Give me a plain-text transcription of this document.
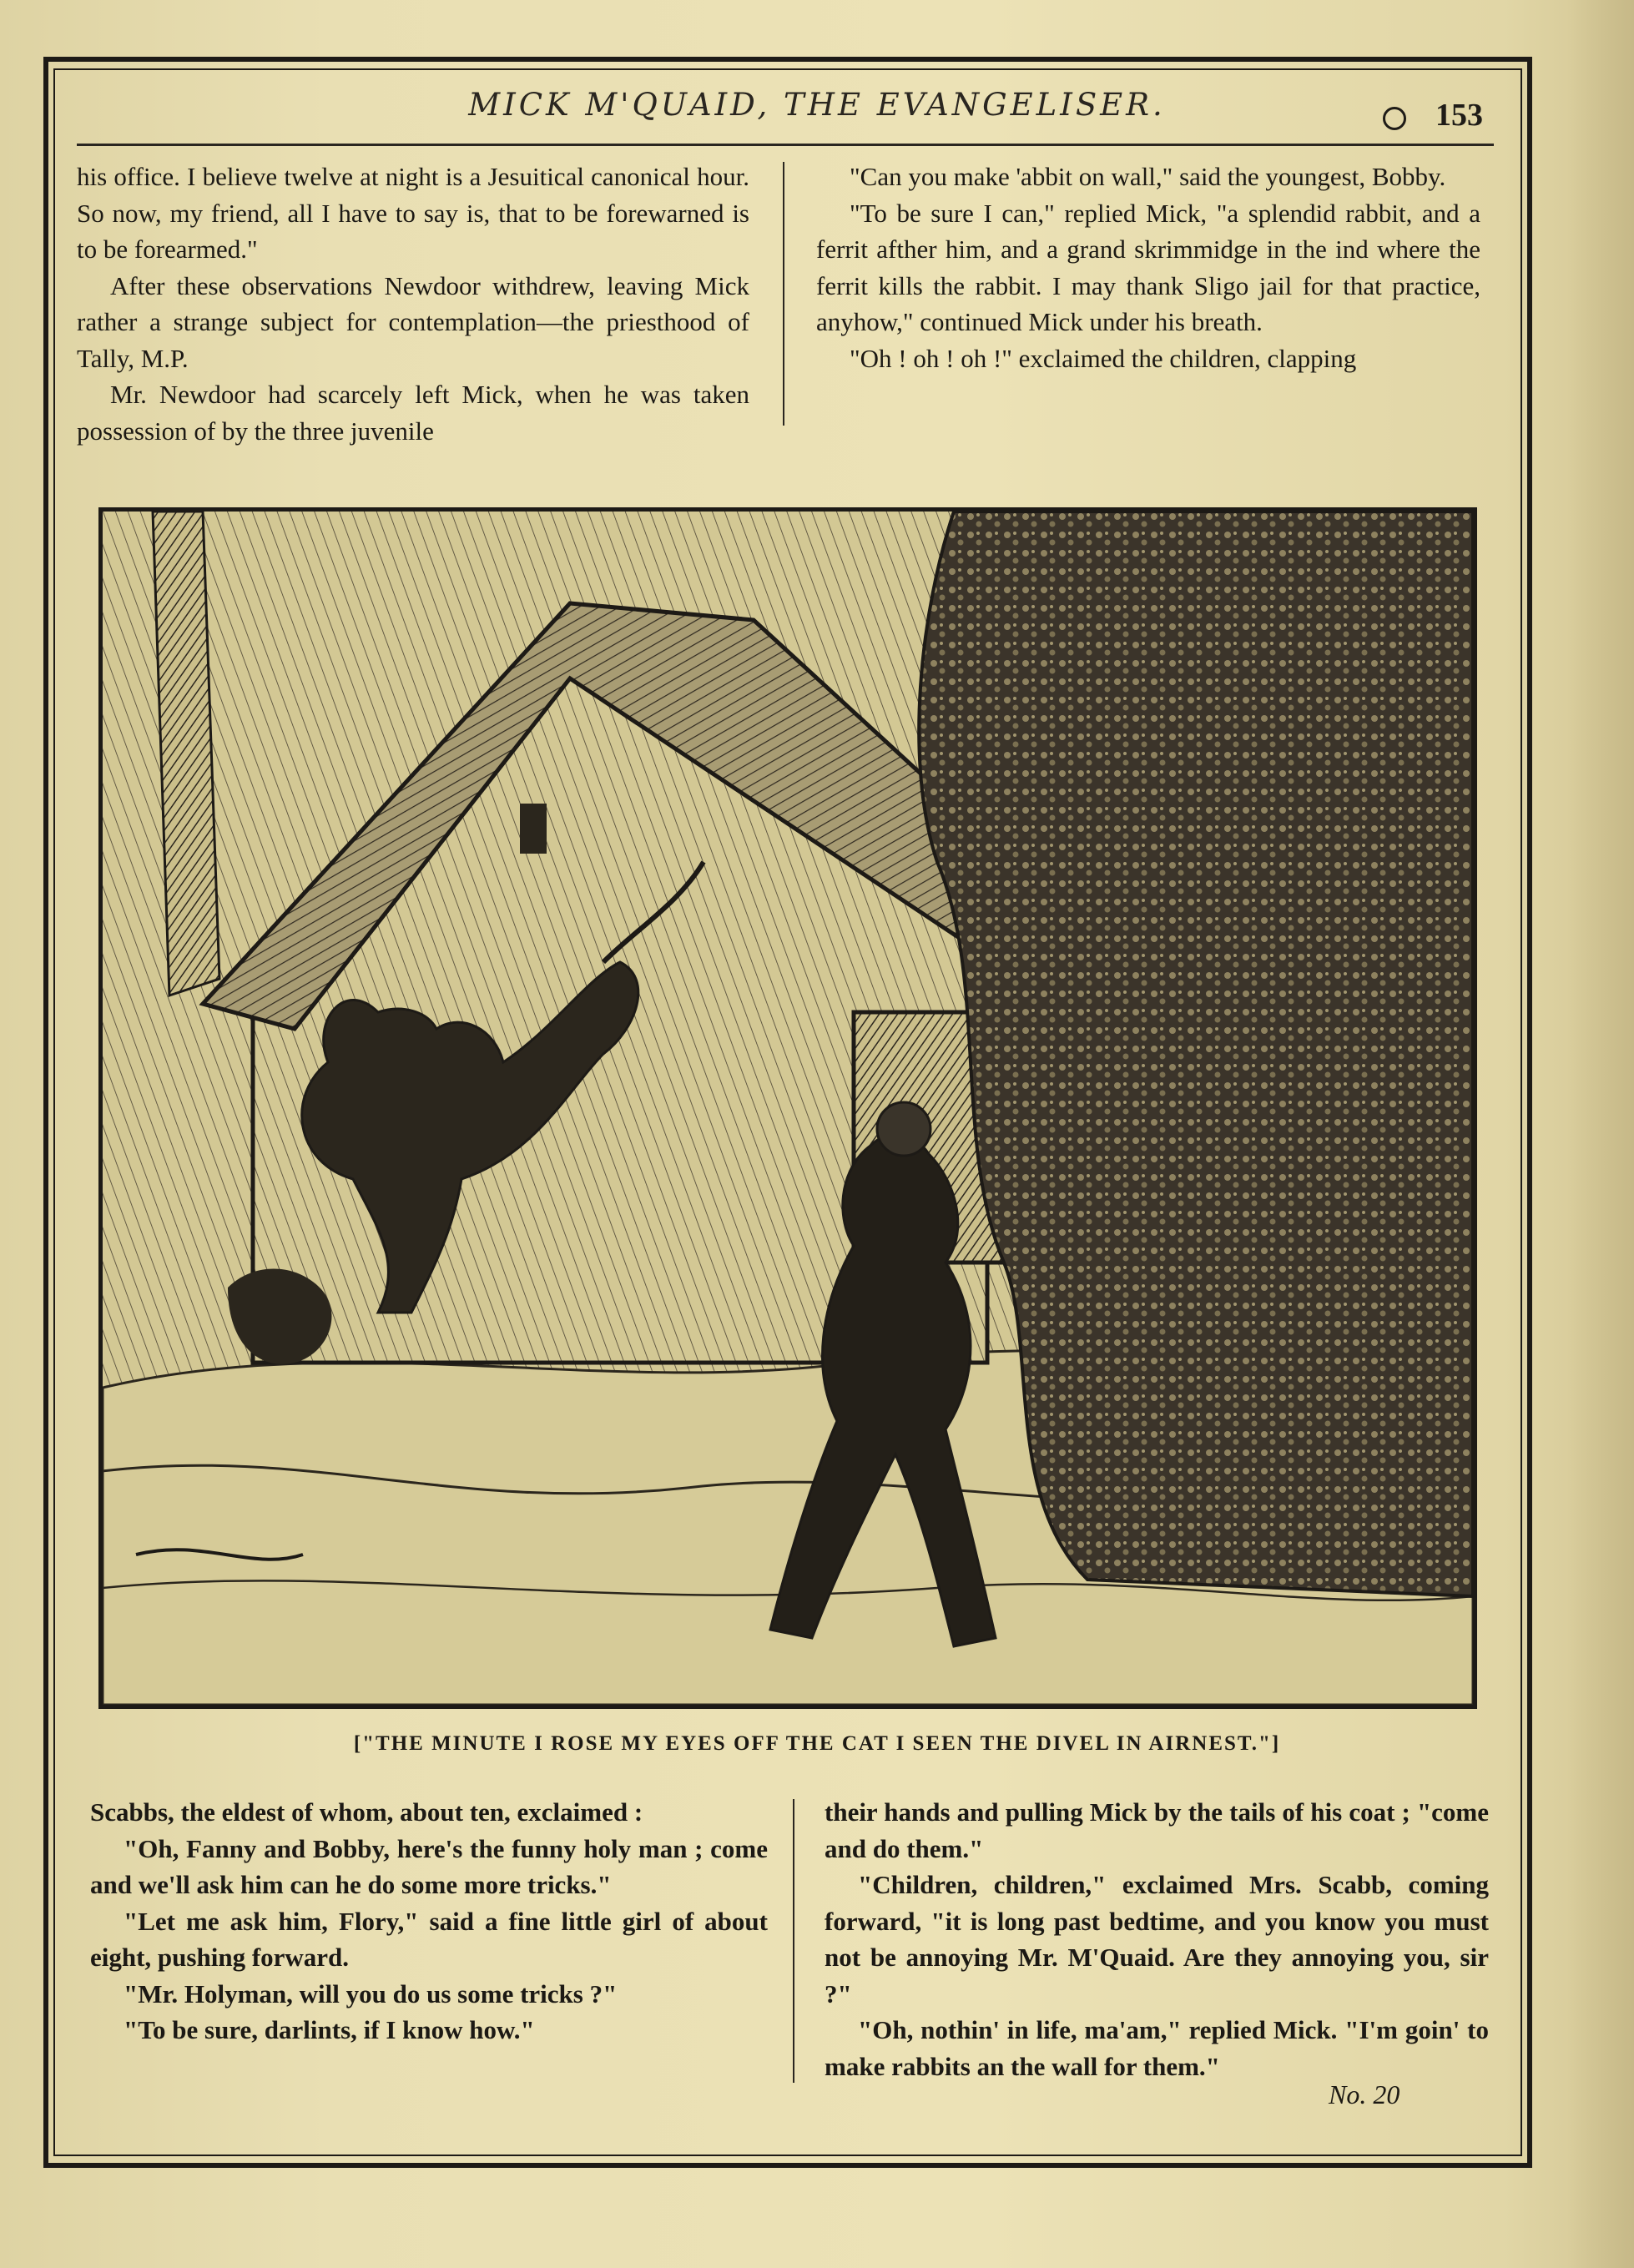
MICK M'QUAID, THE EVANGELISER.	153

his office. I believe twelve at night is a Jesuitical canonical hour. So now, my friend, all I have to say is, that to be forewarned is to be forearmed."

After these observations Newdoor withdrew, leaving Mick rather a strange subject for contemplation—the priesthood of Tally, M.P.

Mr. Newdoor had scarcely left Mick, when he was taken possession of by the three juvenile

"Can you make 'abbit on wall," said the youngest, Bobby.

"To be sure I can," replied Mick, "a splendid rabbit, and a ferrit afther him, and a grand skrimmidge in the ind where the ferrit kills the rabbit. I may thank Sligo jail for that practice, anyhow," continued Mick under his breath.

"Oh ! oh ! oh !" exclaimed the children, clapping

["THE MINUTE I ROSE MY EYES OFF THE CAT I SEEN THE DIVEL IN AIRNEST."]

Scabbs, the eldest of whom, about ten, exclaimed :

"Oh, Fanny and Bobby, here's the funny holy man ; come and we'll ask him can he do some more tricks."

"Let me ask him, Flory," said a fine little girl of about eight, pushing forward.

"Mr. Holyman, will you do us some tricks ?"

"To be sure, darlints, if I know how."

their hands and pulling Mick by the tails of his coat ; "come and do them."

"Children, children," exclaimed Mrs. Scabb, coming forward, "it is long past bedtime, and you know you must not be annoying Mr. M'Quaid. Are they annoying you, sir ?"

"Oh, nothin' in life, ma'am," replied Mick. "I'm goin' to make rabbits an the wall for them."

No. 20
